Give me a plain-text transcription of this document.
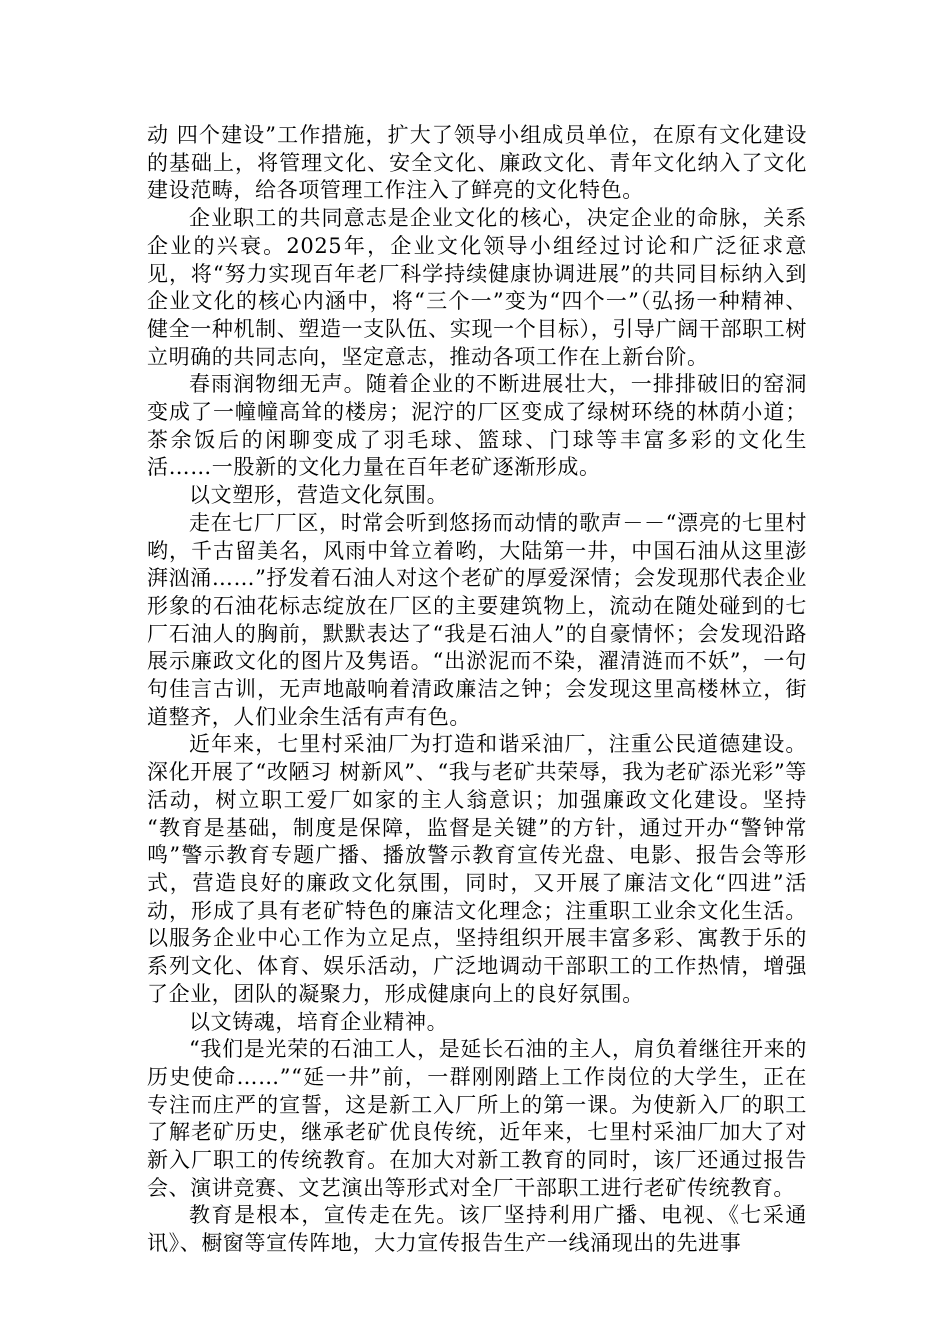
动 四个建设”工作措施，扩大了领导小组成员单位，在原有文化建设的基础上，将管理文化、安全文化、廉政文化、青年文化纳入了文化建设范畴，给各项管理工作注入了鲜亮的文化特色。

企业职工的共同意志是企业文化的核心，决定企业的命脉，关系企业的兴衰。2025年，企业文化领导小组经过讨论和广泛征求意见，将“努力实现百年老厂科学持续健康协调进展”的共同目标纳入到企业文化的核心内涵中，将“三个一”变为“四个一”（弘扬一种精神、健全一种机制、塑造一支队伍、实现一个目标），引导广阔干部职工树立明确的共同志向，坚定意志，推动各项工作在上新台阶。

春雨润物细无声。随着企业的不断进展壮大，一排排破旧的窑洞变成了一幢幢高耸的楼房；泥泞的厂区变成了绿树环绕的林荫小道；茶余饭后的闲聊变成了羽毛球、篮球、门球等丰富多彩的文化生活……一股新的文化力量在百年老矿逐渐形成。

以文塑形，营造文化氛围。

走在七厂厂区，时常会听到悠扬而动情的歌声－－“漂亮的七里村哟，千古留美名，风雨中耸立着哟，大陆第一井，中国石油从这里澎湃汹涌……”抒发着石油人对这个老矿的厚爱深情；会发现那代表企业形象的石油花标志绽放在厂区的主要建筑物上，流动在随处碰到的七厂石油人的胸前，默默表达了“我是石油人”的自豪情怀；会发现沿路展示廉政文化的图片及隽语。“出淤泥而不染，濯清涟而不妖”，一句句佳言古训，无声地敲响着清政廉洁之钟；会发现这里高楼林立，街道整齐，人们业余生活有声有色。

近年来，七里村采油厂为打造和谐采油厂，注重公民道德建设。深化开展了“改陋习 树新风”、“我与老矿共荣辱，我为老矿添光彩”等活动，树立职工爱厂如家的主人翁意识；加强廉政文化建设。坚持 “教育是基础，制度是保障，监督是关键”的方针，通过开办“警钟常鸣”警示教育专题广播、播放警示教育宣传光盘、电影、报告会等形式，营造良好的廉政文化氛围，同时，又开展了廉洁文化“四进”活动，形成了具有老矿特色的廉洁文化理念；注重职工业余文化生活。以服务企业中心工作为立足点，坚持组织开展丰富多彩、寓教于乐的系列文化、体育、娱乐活动，广泛地调动干部职工的工作热情，增强了企业，团队的凝聚力，形成健康向上的良好氛围。

以文铸魂，培育企业精神。

“我们是光荣的石油工人，是延长石油的主人，肩负着继往开来的历史使命……”“延一井”前，一群刚刚踏上工作岗位的大学生，正在专注而庄严的宣誓，这是新工入厂所上的第一课。为使新入厂的职工了解老矿历史，继承老矿优良传统，近年来，七里村采油厂加大了对新入厂职工的传统教育。在加大对新工教育的同时，该厂还通过报告会、演讲竞赛、文艺演出等形式对全厂干部职工进行老矿传统教育。

教育是根本，宣传走在先。该厂坚持利用广播、电视、《七采通讯》、橱窗等宣传阵地，大力宣传报告生产一线涌现出的先进事
